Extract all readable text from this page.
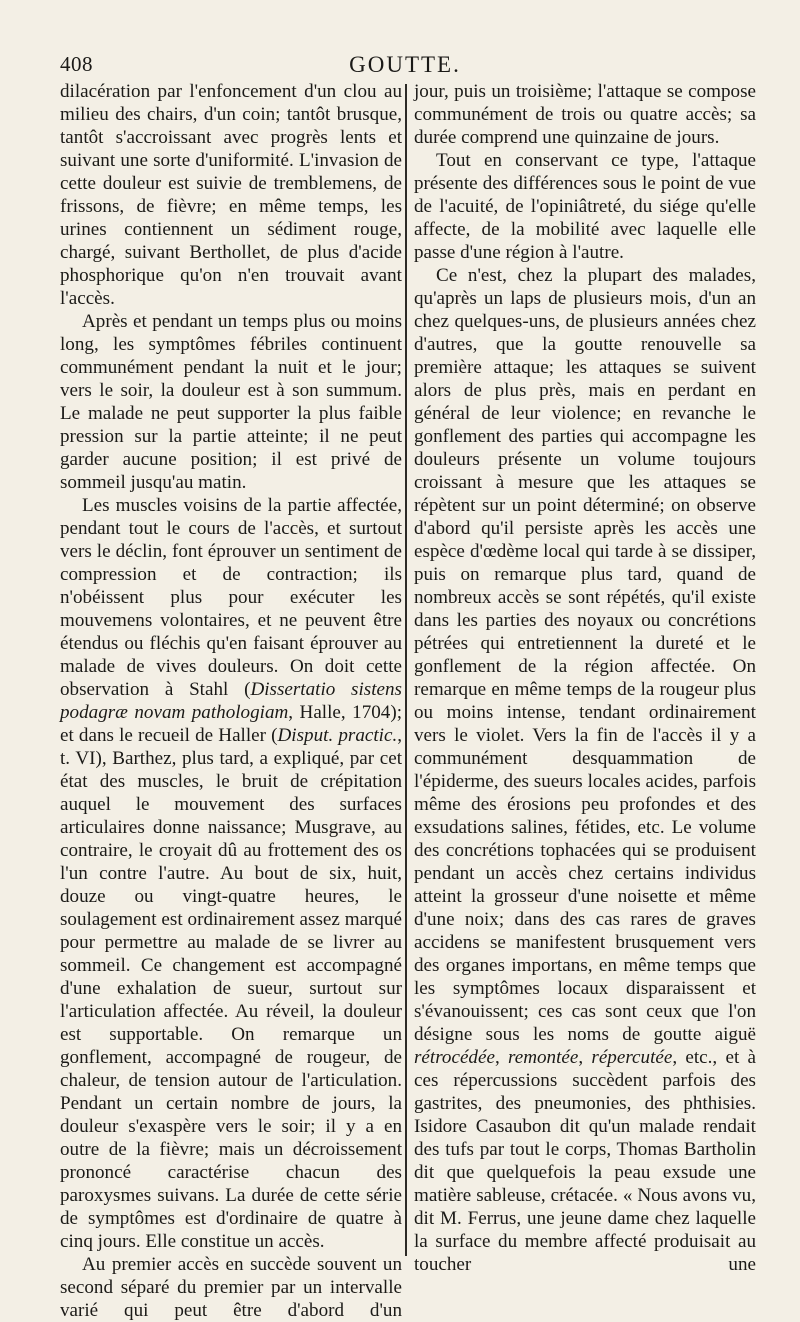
408	GOUTTE.

dilacération par l'enfoncement d'un clou au milieu des chairs, d'un coin; tantôt brusque, tantôt s'accroissant avec progrès lents et suivant une sorte d'uniformité. L'invasion de cette douleur est suivie de tremblemens, de frissons, de fièvre; en même temps, les urines contiennent un sédiment rouge, chargé, suivant Berthollet, de plus d'acide phosphorique qu'on n'en trouvait avant l'accès.

Après et pendant un temps plus ou moins long, les symptômes fébriles continuent communément pendant la nuit et le jour; vers le soir, la douleur est à son summum. Le malade ne peut supporter la plus faible pression sur la partie atteinte; il ne peut garder aucune position; il est privé de sommeil jusqu'au matin.

Les muscles voisins de la partie affectée, pendant tout le cours de l'accès, et surtout vers le déclin, font éprouver un sentiment de compression et de contraction; ils n'obéissent plus pour exécuter les mouvemens volontaires, et ne peuvent être étendus ou fléchis qu'en faisant éprouver au malade de vives douleurs. On doit cette observation à Stahl (Dissertatio sistens podagræ novam pathologiam, Halle, 1704); et dans le recueil de Haller (Disput. practic., t. VI), Barthez, plus tard, a expliqué, par cet état des muscles, le bruit de crépitation auquel le mouvement des surfaces articulaires donne naissance; Musgrave, au contraire, le croyait dû au frottement des os l'un contre l'autre. Au bout de six, huit, douze ou vingt-quatre heures, le soulagement est ordinairement assez marqué pour permettre au malade de se livrer au sommeil. Ce changement est accompagné d'une exhalation de sueur, surtout sur l'articulation affectée. Au réveil, la douleur est supportable. On remarque un gonflement, accompagné de rougeur, de chaleur, de tension autour de l'articulation. Pendant un certain nombre de jours, la douleur s'exaspère vers le soir; il y a en outre de la fièvre; mais un décroissement prononcé caractérise chacun des paroxysmes suivans. La durée de cette série de symptômes est d'ordinaire de quatre à cinq jours. Elle constitue un accès.

Au premier accès en succède souvent un second séparé du premier par un intervalle varié qui peut être d'abord d'un

jour, puis un troisième; l'attaque se compose communément de trois ou quatre accès; sa durée comprend une quinzaine de jours.

Tout en conservant ce type, l'attaque présente des différences sous le point de vue de l'acuité, de l'opiniâtreté, du siége qu'elle affecte, de la mobilité avec laquelle elle passe d'une région à l'autre.

Ce n'est, chez la plupart des malades, qu'après un laps de plusieurs mois, d'un an chez quelques-uns, de plusieurs années chez d'autres, que la goutte renouvelle sa première attaque; les attaques se suivent alors de plus près, mais en perdant en général de leur violence; en revanche le gonflement des parties qui accompagne les douleurs présente un volume toujours croissant à mesure que les attaques se répètent sur un point déterminé; on observe d'abord qu'il persiste après les accès une espèce d'œdème local qui tarde à se dissiper, puis on remarque plus tard, quand de nombreux accès se sont répétés, qu'il existe dans les parties des noyaux ou concrétions pétrées qui entretiennent la dureté et le gonflement de la région affectée. On remarque en même temps de la rougeur plus ou moins intense, tendant ordinairement vers le violet. Vers la fin de l'accès il y a communément desquammation de l'épiderme, des sueurs locales acides, parfois même des érosions peu profondes et des exsudations salines, fétides, etc. Le volume des concrétions tophacées qui se produisent pendant un accès chez certains individus atteint la grosseur d'une noisette et même d'une noix; dans des cas rares de graves accidens se manifestent brusquement vers des organes importans, en même temps que les symptômes locaux disparaissent et s'évanouissent; ces cas sont ceux que l'on désigne sous les noms de goutte aiguë rétrocédée, remontée, répercutée, etc., et à ces répercussions succèdent parfois des gastrites, des pneumonies, des phthisies. Isidore Casaubon dit qu'un malade rendait des tufs par tout le corps, Thomas Bartholin dit que quelquefois la peau exsude une matière sableuse, crétacée. « Nous avons vu, dit M. Ferrus, une jeune dame chez laquelle la surface du membre affecté produisait au toucher une
